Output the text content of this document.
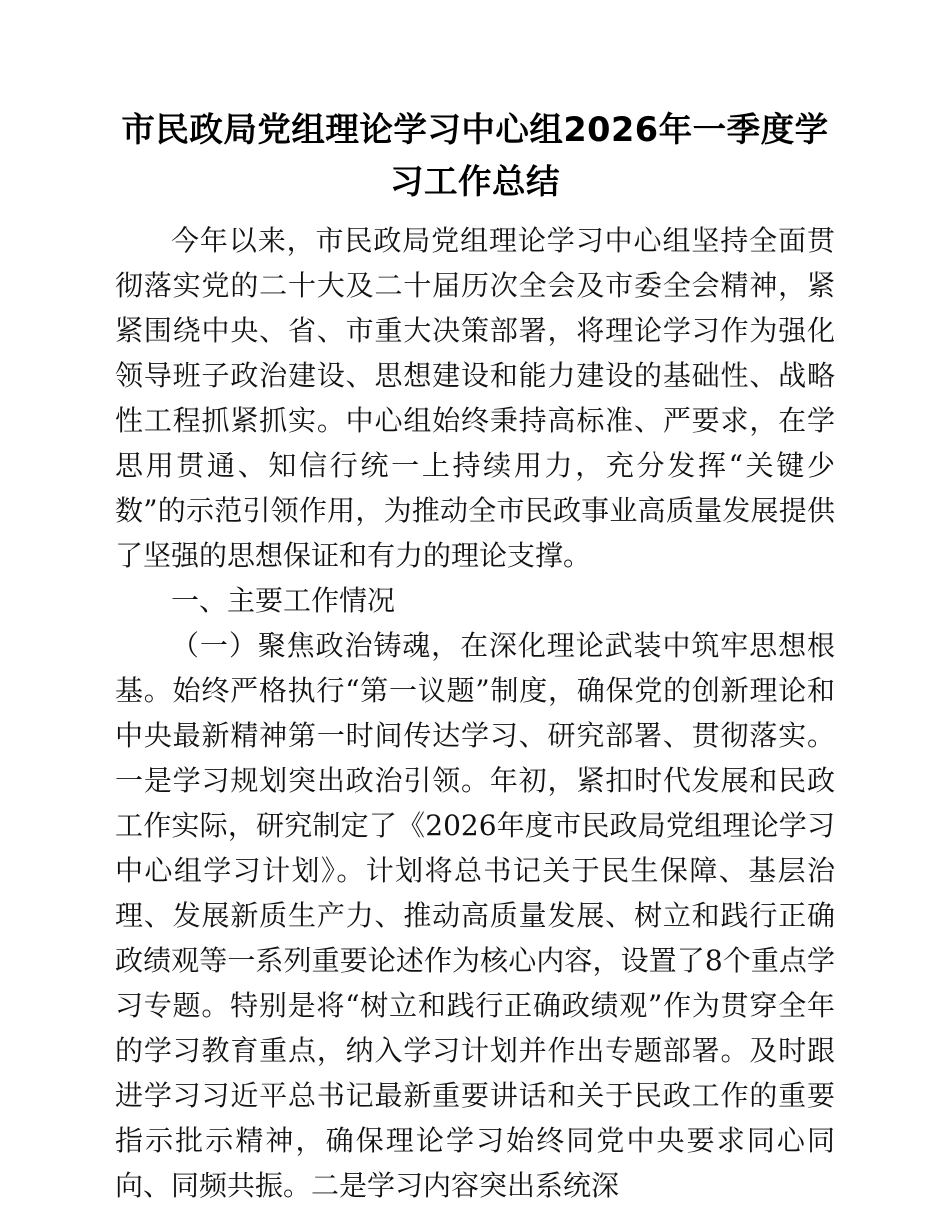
市民政局党组理论学习中心组2026年一季度学习工作总结

今年以来，市民政局党组理论学习中心组坚持全面贯彻落实党的二十大及二十届历次全会及市委全会精神，紧紧围绕中央、省、市重大决策部署，将理论学习作为强化领导班子政治建设、思想建设和能力建设的基础性、战略性工程抓紧抓实。中心组始终秉持高标准、严要求，在学思用贯通、知信行统一上持续用力，充分发挥“关键少数”的示范引领作用，为推动全市民政事业高质量发展提供了坚强的思想保证和有力的理论支撑。

一、主要工作情况

（一）聚焦政治铸魂，在深化理论武装中筑牢思想根基。始终严格执行“第一议题”制度，确保党的创新理论和中央最新精神第一时间传达学习、研究部署、贯彻落实。一是学习规划突出政治引领。年初，紧扣时代发展和民政工作实际，研究制定了《2026年度市民政局党组理论学习中心组学习计划》。计划将总书记关于民生保障、基层治理、发展新质生产力、推动高质量发展、树立和践行正确政绩观等一系列重要论述作为核心内容，设置了8个重点学习专题。特别是将“树立和践行正确政绩观”作为贯穿全年的学习教育重点，纳入学习计划并作出专题部署。及时跟进学习习近平总书记最新重要讲话和关于民政工作的重要指示批示精神，确保理论学习始终同党中央要求同心同向、同频共振。二是学习内容突出系统深
